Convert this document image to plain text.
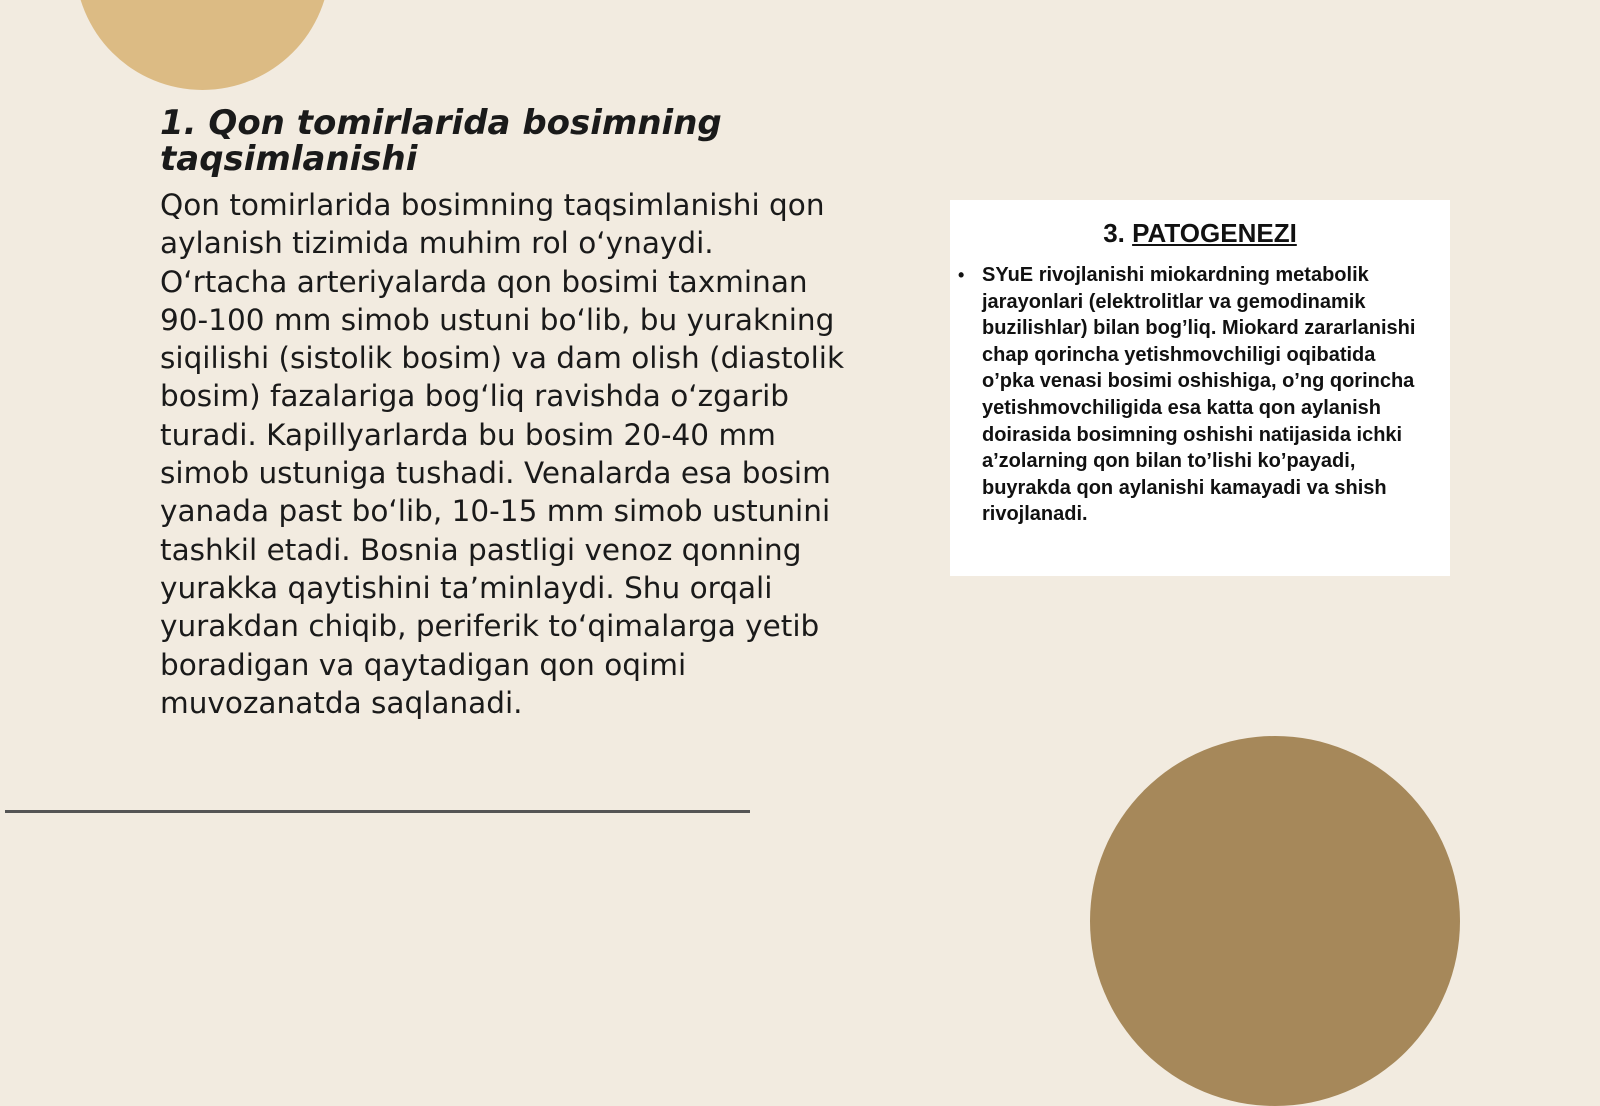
1. Qon tomirlarida bosimning taqsimlanishi

Qon tomirlarida bosimning taqsimlanishi qon aylanish tizimida muhim rol oʻynaydi. Oʻrtacha arteriyalarda qon bosimi taxminan 90-100 mm simob ustuni boʻlib, bu yurakning siqilishi (sistolik bosim) va dam olish (diastolik bosim) fazalariga bogʻliq ravishda oʻzgarib turadi. Kapillyarlarda bu bosim 20-40 mm simob ustuniga tushadi. Venalarda esa bosim yanada past boʻlib, 10-15 mm simob ustunini tashkil etadi. Bosnia pastligi venoz qonning yurakka qaytishini taʼminlaydi. Shu orqali yurakdan chiqib, periferik toʻqimalarga yetib boradigan va qaytadigan qon oqimi muvozanatda saqlanadi.

3. PATOGENEZI
• SYuE rivojlanishi miokardning metabolik jarayonlari (elektrolitlar va gemodinamik buzilishlar) bilan bog’liq. Miokard zararlanishi chap qorincha yetishmovchiligi oqibatida o’pka venasi bosimi oshishiga, o’ng qorincha yetishmovchiligida esa katta qon aylanish doirasida bosimning oshishi natijasida ichki a’zolarning qon bilan to’lishi ko’payadi, buyrakda qon aylanishi kamayadi va shish rivojlanadi.
